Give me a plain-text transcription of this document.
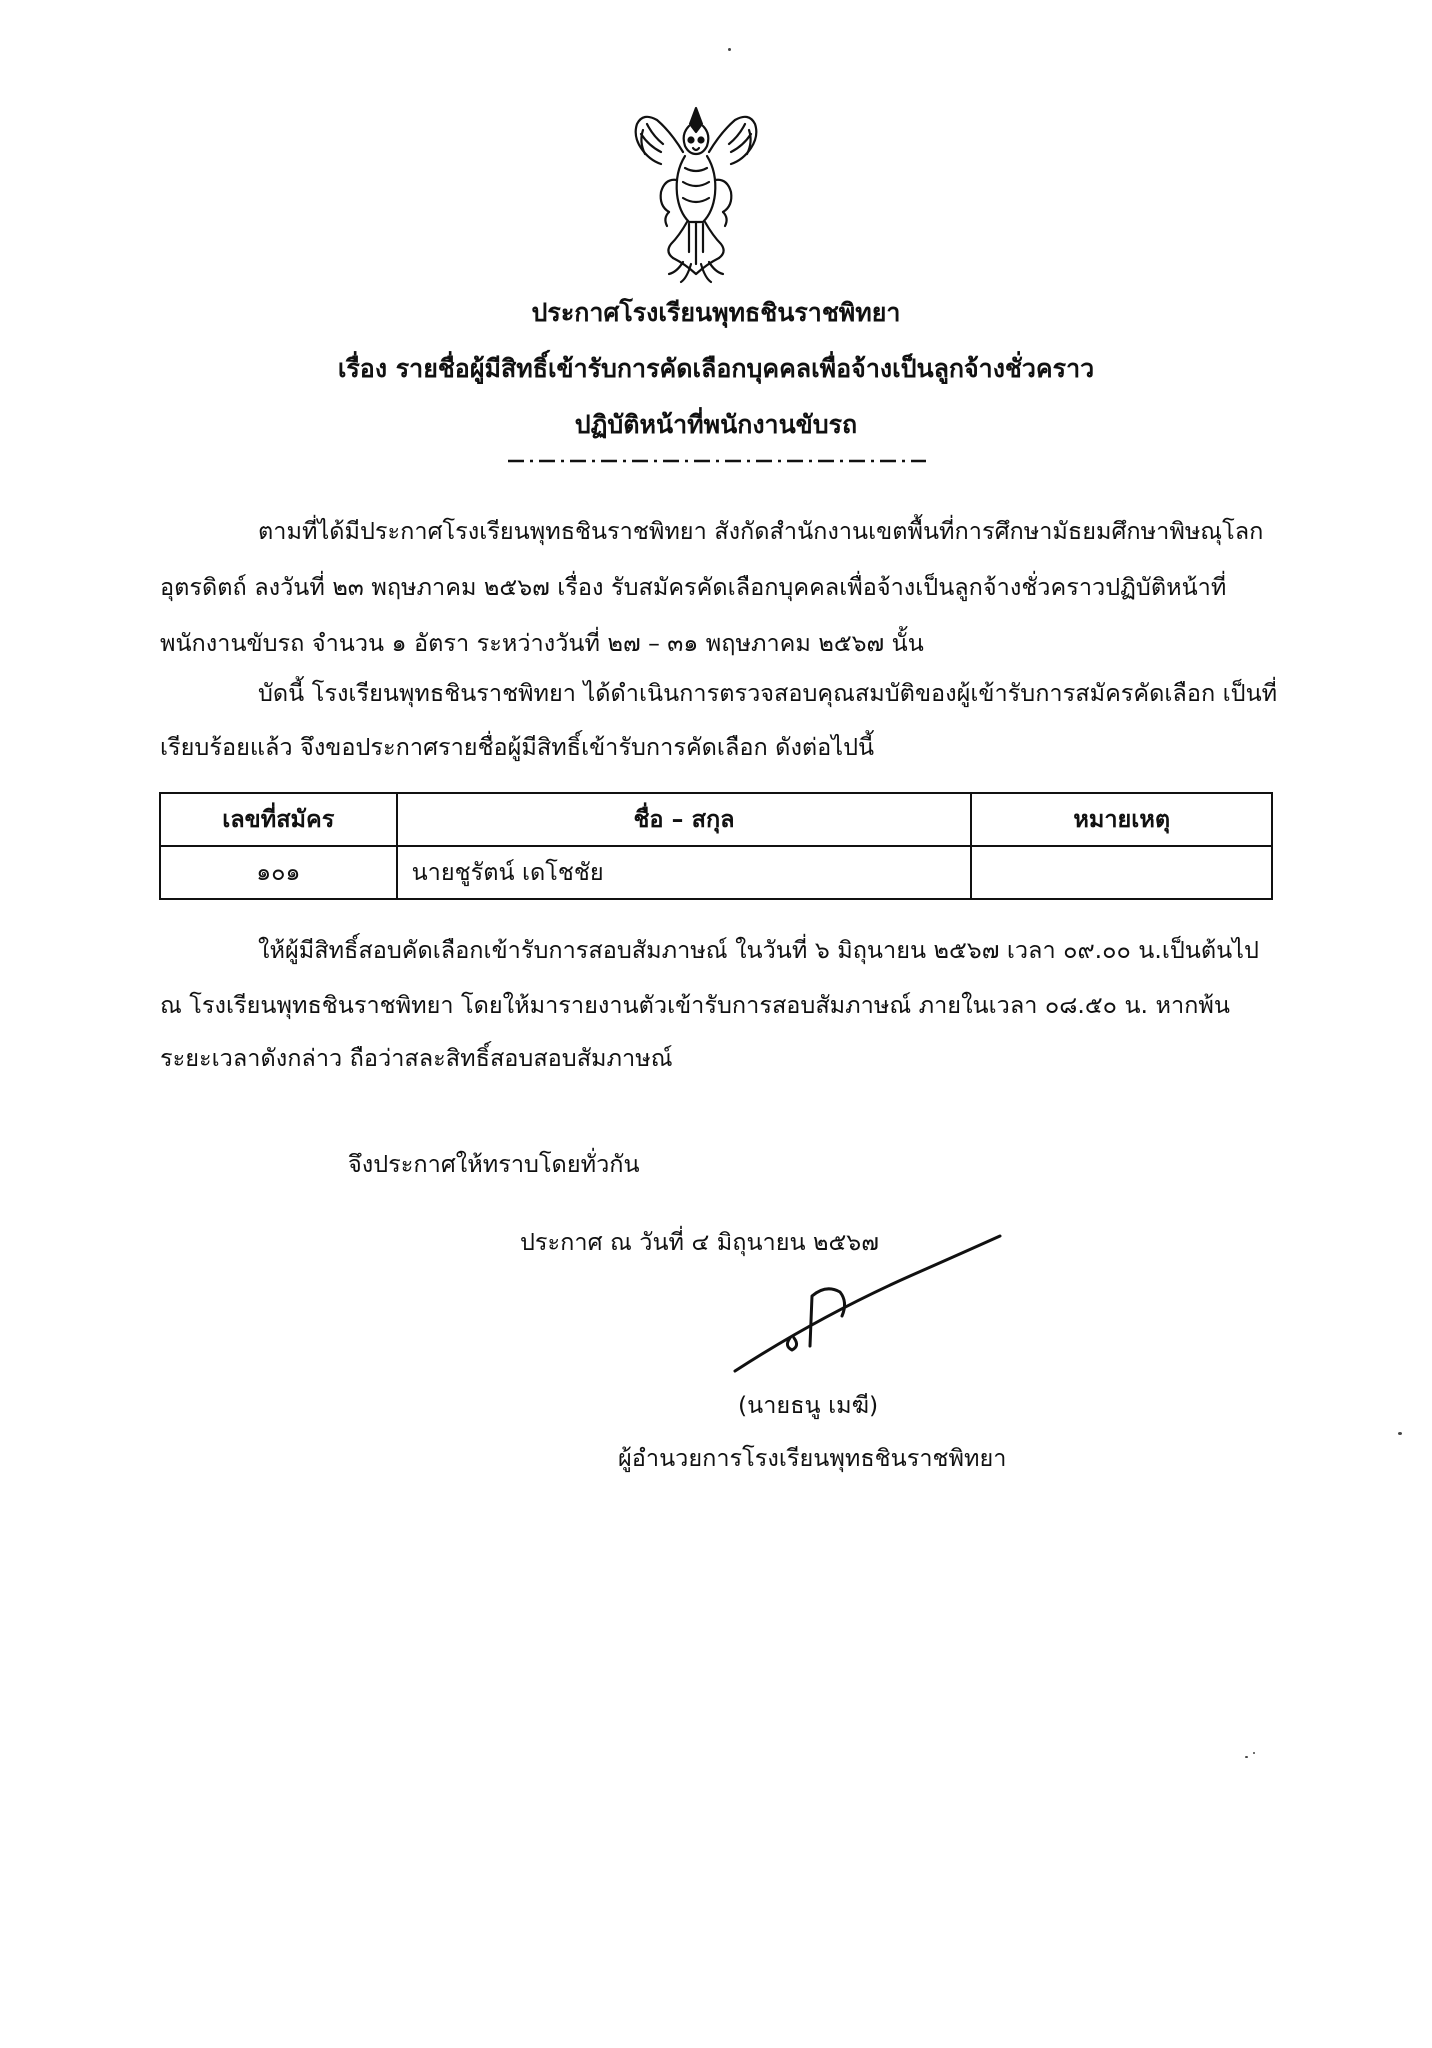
ประกาศโรงเรียนพุทธชินราชพิทยา
เรื่อง รายชื่อผู้มีสิทธิ์เข้ารับการคัดเลือกบุคคลเพื่อจ้างเป็นลูกจ้างชั่วคราว
ปฏิบัติหน้าที่พนักงานขับรถ
ตามที่ได้มีประกาศโรงเรียนพุทธชินราชพิทยา สังกัดสำนักงานเขตพื้นที่การศึกษามัธยมศึกษาพิษณุโลก
อุตรดิตถ์ ลงวันที่ ๒๓ พฤษภาคม ๒๕๖๗ เรื่อง รับสมัครคัดเลือกบุคคลเพื่อจ้างเป็นลูกจ้างชั่วคราวปฏิบัติหน้าที่
พนักงานขับรถ จำนวน ๑ อัตรา ระหว่างวันที่ ๒๗ – ๓๑ พฤษภาคม ๒๕๖๗ นั้น
บัดนี้ โรงเรียนพุทธชินราชพิทยา ได้ดำเนินการตรวจสอบคุณสมบัติของผู้เข้ารับการสมัครคัดเลือก เป็นที่
เรียบร้อยแล้ว จึงขอประกาศรายชื่อผู้มีสิทธิ์เข้ารับการคัดเลือก ดังต่อไปนี้
เลขที่สมัคร	ชื่อ – สกุล	หมายเหตุ
๑๐๑	นายชูรัตน์ เดโชชัย	
ให้ผู้มีสิทธิ์สอบคัดเลือกเข้ารับการสอบสัมภาษณ์ ในวันที่ ๖ มิถุนายน ๒๕๖๗ เวลา ๐๙.๐๐ น.เป็นต้นไป
ณ โรงเรียนพุทธชินราชพิทยา โดยให้มารายงานตัวเข้ารับการสอบสัมภาษณ์ ภายในเวลา ๐๘.๕๐ น. หากพ้น
ระยะเวลาดังกล่าว ถือว่าสละสิทธิ์สอบสอบสัมภาษณ์
จึงประกาศให้ทราบโดยทั่วกัน
ประกาศ ณ วันที่ ๔ มิถุนายน ๒๕๖๗
(นายธนู เมฆี)
ผู้อำนวยการโรงเรียนพุทธชินราชพิทยา
